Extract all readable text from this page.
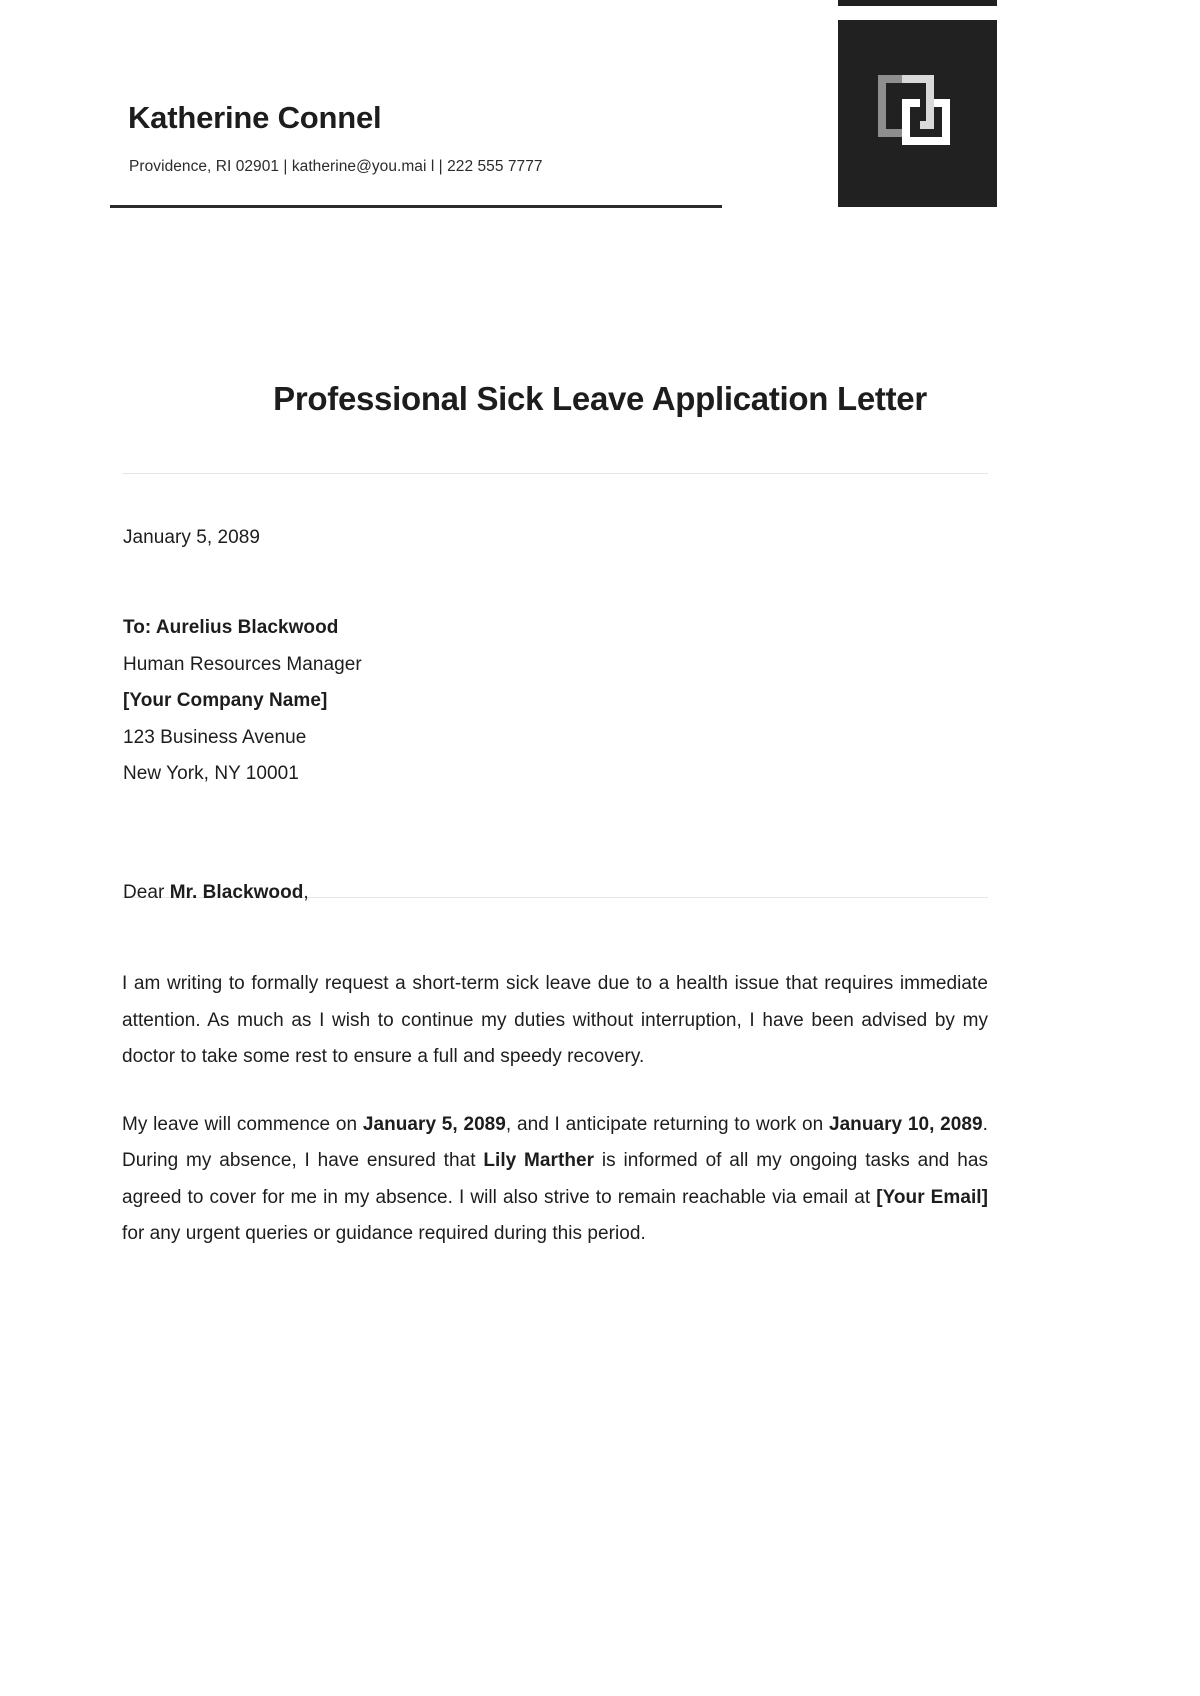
Katherine Connel
Providence, RI 02901 | katherine@you.mai l | 222 555 7777
Professional Sick Leave Application Letter
January 5, 2089
To: Aurelius Blackwood
Human Resources Manager
[Your Company Name]
123 Business Avenue
New York, NY 10001
Dear Mr. Blackwood,

I am writing to formally request a short-term sick leave due to a health issue that requires immediate attention. As much as I wish to continue my duties without interruption, I have been advised by my doctor to take some rest to ensure a full and speedy recovery.

My leave will commence on January 5, 2089, and I anticipate returning to work on January 10, 2089. During my absence, I have ensured that Lily Marther is informed of all my ongoing tasks and has agreed to cover for me in my absence. I will also strive to remain reachable via email at [Your Email] for any urgent queries or guidance required during this period.
